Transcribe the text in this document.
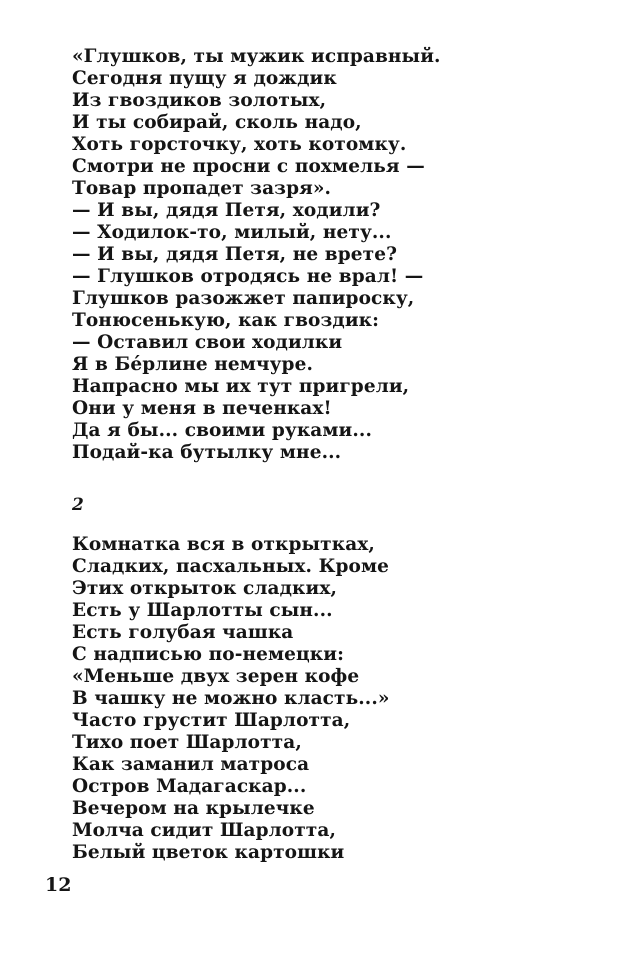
«Глушков, ты мужик исправный.
Сегодня пущу я дождик
Из гвоздиков золотых,
И ты собирай, сколь надо,
Хоть горсточку, хоть котомку.
Смотри не просни с похмелья —
Товар пропадет зазря».
— И вы, дядя Петя, ходили?
— Ходилок-то, милый, нету...
— И вы, дядя Петя, не врете?
— Глушков отродясь не врал! —
Глушков разожжет папироску,
Тонюсенькую, как гвоздик:
— Оставил свои ходилки
Я в Бéрлине немчуре.
Напрасно мы их тут пригрели,
Они у меня в печенках!
Да я бы... своими руками...
Подай-ка бутылку мне...
2
Комнатка вся в открытках,
Сладких, пасхальных. Кроме
Этих открыток сладких,
Есть у Шарлотты сын...
Есть голубая чашка
С надписью по-немецки:
«Меньше двух зерен кофе
В чашку не можно класть...»
Часто грустит Шарлотта,
Тихо поет Шарлотта,
Как заманил матроса
Остров Мадагаскар...
Вечером на крылечке
Молча сидит Шарлотта,
Белый цветок картошки
12
